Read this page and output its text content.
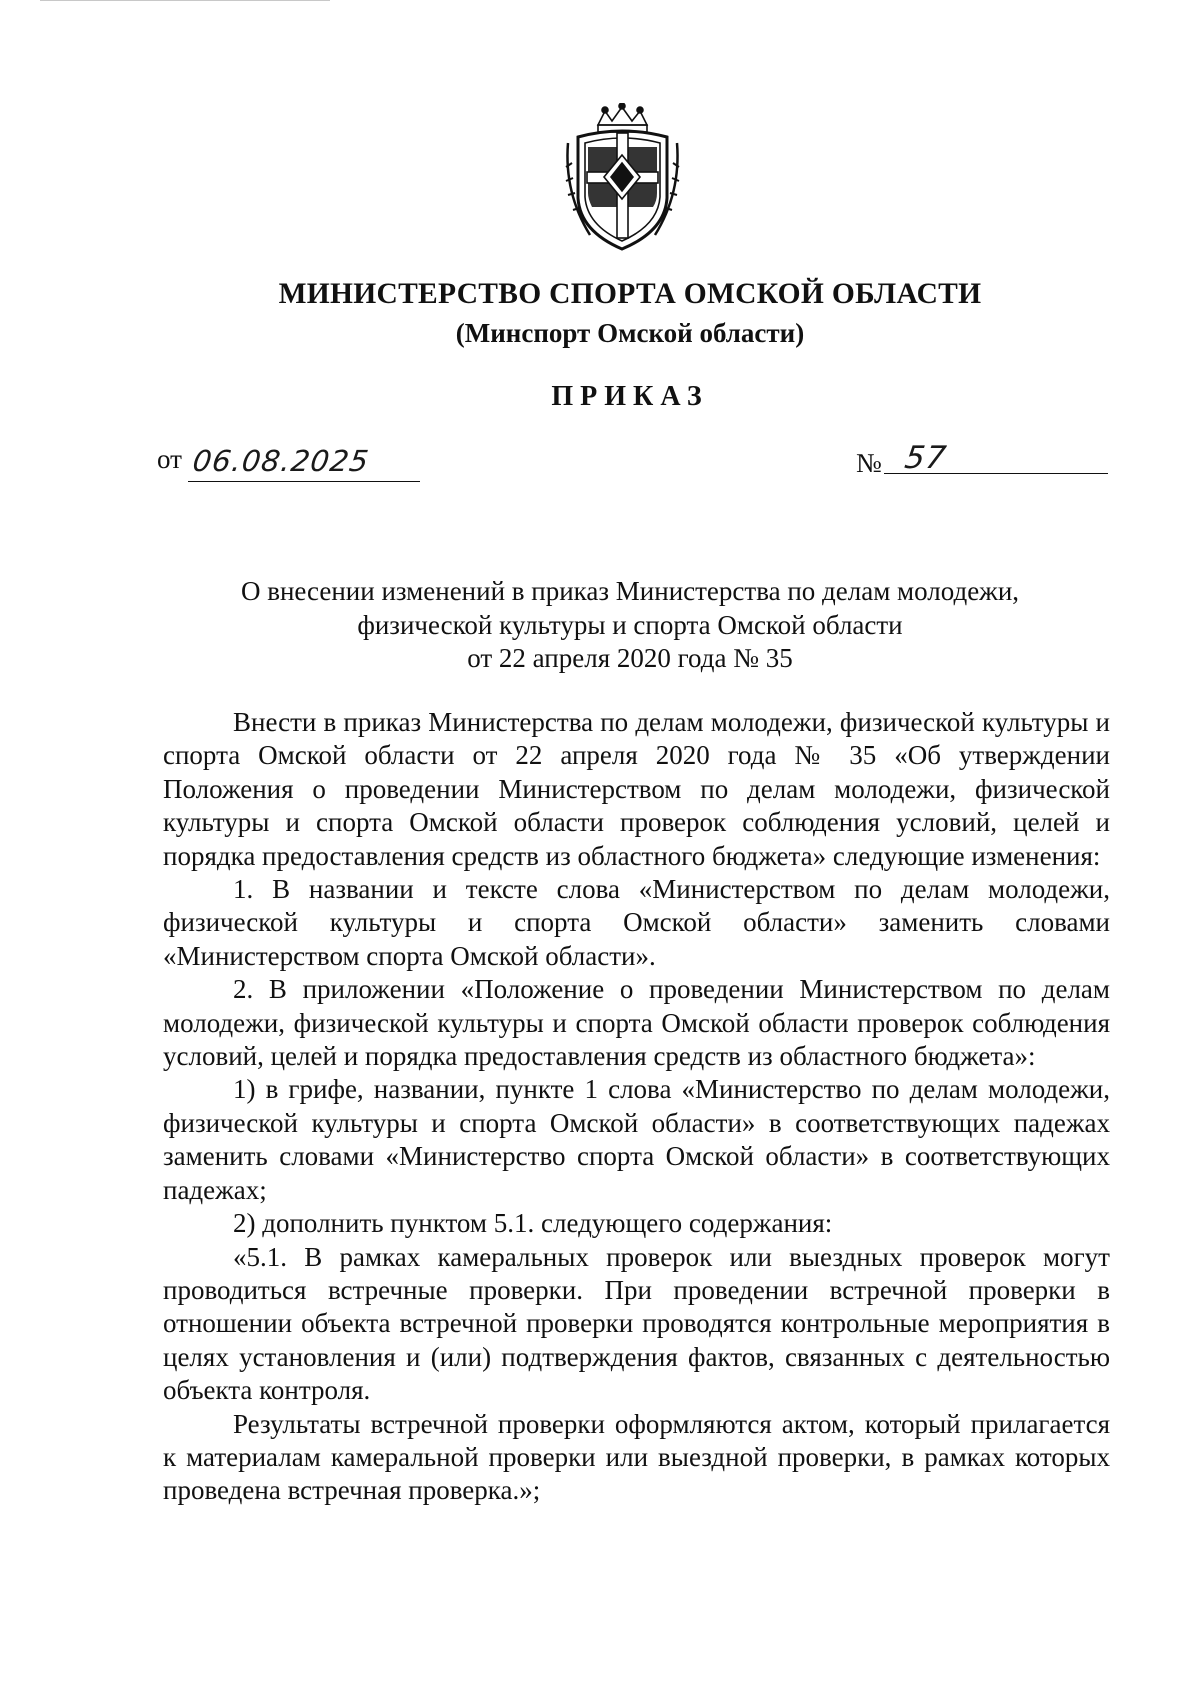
МИНИСТЕРСТВО СПОРТА ОМСКОЙ ОБЛАСТИ
(Минспорт Омской области)
ПРИКАЗ
от 06.08.2025	№ 57
О внесении изменений в приказ Министерства по делам молодежи,
физической культуры и спорта Омской области
от 22 апреля 2020 года № 35

Внести в приказ Министерства по делам молодежи, физической культуры и спорта Омской области от 22 апреля 2020 года № 35 «Об утверждении Положения о проведении Министерством по делам молодежи, физической культуры и спорта Омской области проверок соблюдения условий, целей и порядка предоставления средств из областного бюджета» следующие изменения:

1. В названии и тексте слова «Министерством по делам молодежи, физической культуры и спорта Омской области» заменить словами «Министерством спорта Омской области».

2. В приложении «Положение о проведении Министерством по делам молодежи, физической культуры и спорта Омской области проверок соблюдения условий, целей и порядка предоставления средств из областного бюджета»:

1) в грифе, названии, пункте 1 слова «Министерство по делам молодежи, физической культуры и спорта Омской области» в соответствующих падежах заменить словами «Министерство спорта Омской области» в соответствующих падежах;

2) дополнить пунктом 5.1. следующего содержания:

«5.1. В рамках камеральных проверок или выездных проверок могут проводиться встречные проверки. При проведении встречной проверки в отношении объекта встречной проверки проводятся контрольные мероприятия в целях установления и (или) подтверждения фактов, связанных с деятельностью объекта контроля.

Результаты встречной проверки оформляются актом, который прилагается к материалам камеральной проверки или выездной проверки, в рамках которых проведена встречная проверка.»;
